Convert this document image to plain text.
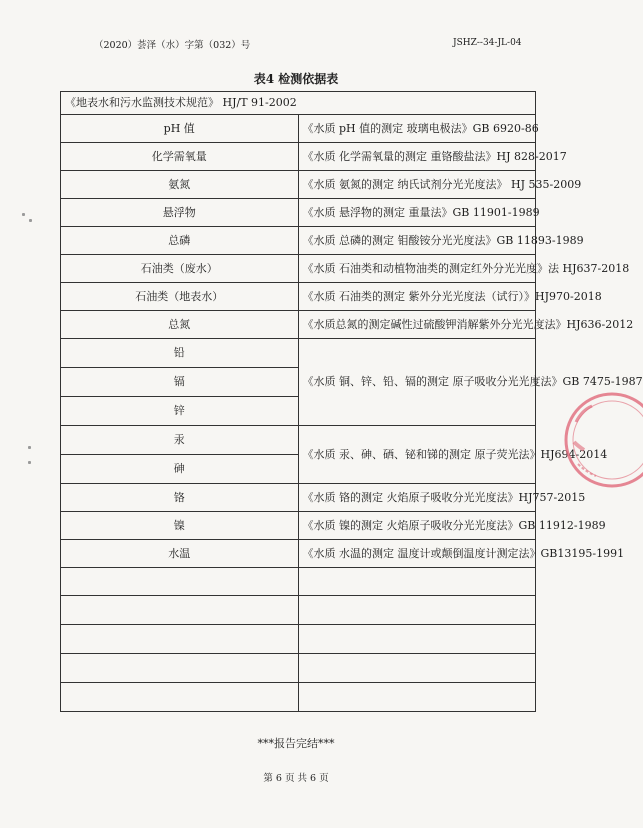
（2020）荟泽（水）字第（032）号	JSHZ--34-JL-04
表4 检测依据表
《地表水和污水监测技术规范》 HJ/T 91-2002	
pH 值	《水质 pH 值的测定 玻璃电极法》GB 6920-86
化学需氧量	《水质 化学需氧量的测定 重铬酸盐法》HJ 828-2017
氨氮	《水质 氨氮的测定 纳氏试剂分光光度法》 HJ 535-2009
悬浮物	《水质 悬浮物的测定 重量法》GB 11901-1989
总磷	《水质 总磷的测定 钼酸铵分光光度法》GB 11893-1989
石油类（废水）	《水质 石油类和动植物油类的测定红外分光光度》法 HJ637-2018
石油类（地表水）	《水质 石油类的测定 紫外分光光度法（试行）》HJ970-2018
总氮	《水质总氮的测定碱性过硫酸钾消解紫外分光光度法》HJ636-2012
铅	《水质 铜、锌、铅、镉的测定 原子吸收分光光度法》GB 7475-1987
镉	
锌	
汞	《水质 汞、砷、硒、铋和锑的测定 原子荧光法》HJ694-2014
砷	
铬	《水质 铬的测定 火焰原子吸收分光光度法》HJ757-2015
镍	《水质 镍的测定 火焰原子吸收分光光度法》GB 11912-1989
水温	《水质 水温的测定 温度计或颠倒温度计测定法》GB13195-1991

***报告完结***
第 6 页 共 6 页
